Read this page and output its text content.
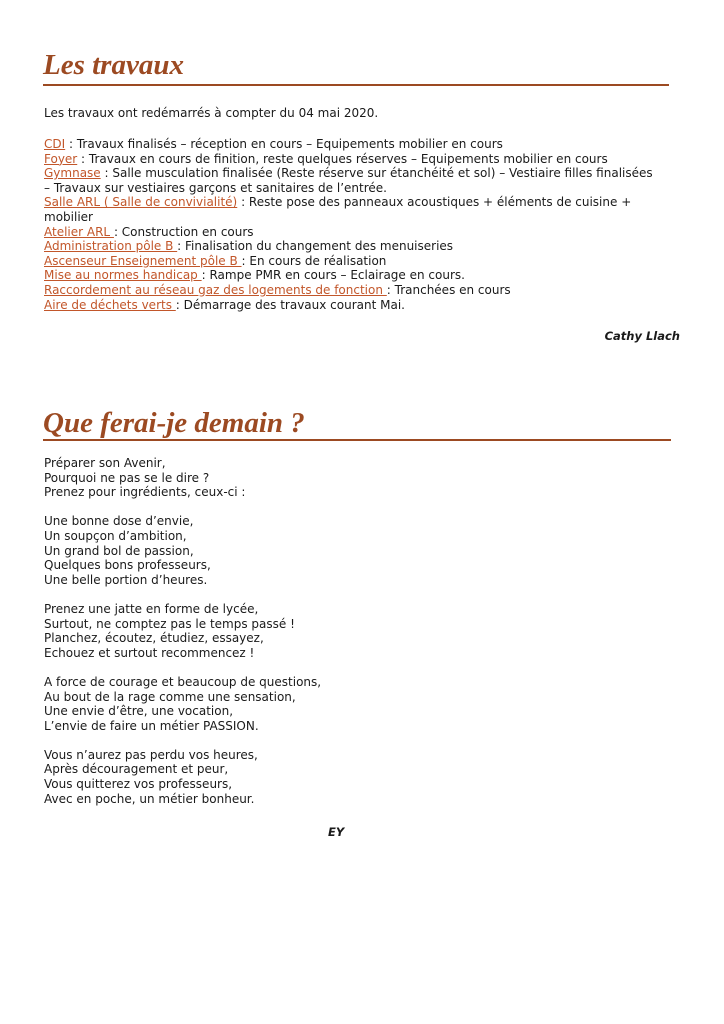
Les travaux

Les travaux ont redémarrés à compter du 04 mai 2020.

CDI : Travaux finalisés – réception en cours – Equipements mobilier en cours
Foyer : Travaux en cours de finition, reste quelques réserves – Equipements mobilier en cours
Gymnase : Salle musculation finalisée (Reste réserve sur étanchéité et sol) – Vestiaire filles finalisées – Travaux sur vestiaires garçons et sanitaires de l’entrée.
Salle ARL ( Salle de convivialité) : Reste pose des panneaux acoustiques + éléments de cuisine + mobilier
Atelier ARL : Construction en cours
Administration pôle B : Finalisation du changement des menuiseries
Ascenseur Enseignement pôle B : En cours de réalisation
Mise au normes handicap : Rampe PMR en cours – Eclairage en cours.
Raccordement au réseau gaz des logements de fonction : Tranchées en cours
Aire de déchets verts : Démarrage des travaux courant Mai.

Cathy Llach

Que ferai-je demain ?
Préparer son Avenir,
Pourquoi ne pas se le dire ?
Prenez pour ingrédients, ceux-ci :
Une bonne dose d’envie,
Un soupçon d’ambition,
Un grand bol de passion,
Quelques bons professeurs,
Une belle portion d’heures.
Prenez une jatte en forme de lycée,
Surtout, ne comptez pas le temps passé !
Planchez, écoutez, étudiez, essayez,
Echouez et surtout recommencez !
A force de courage et beaucoup de questions,
Au bout de la rage comme une sensation,
Une envie d’être, une vocation,
L’envie de faire un métier PASSION.
Vous n’aurez pas perdu vos heures,
Après découragement et peur,
Vous quitterez vos professeurs,
Avec en poche, un métier bonheur.

EY
